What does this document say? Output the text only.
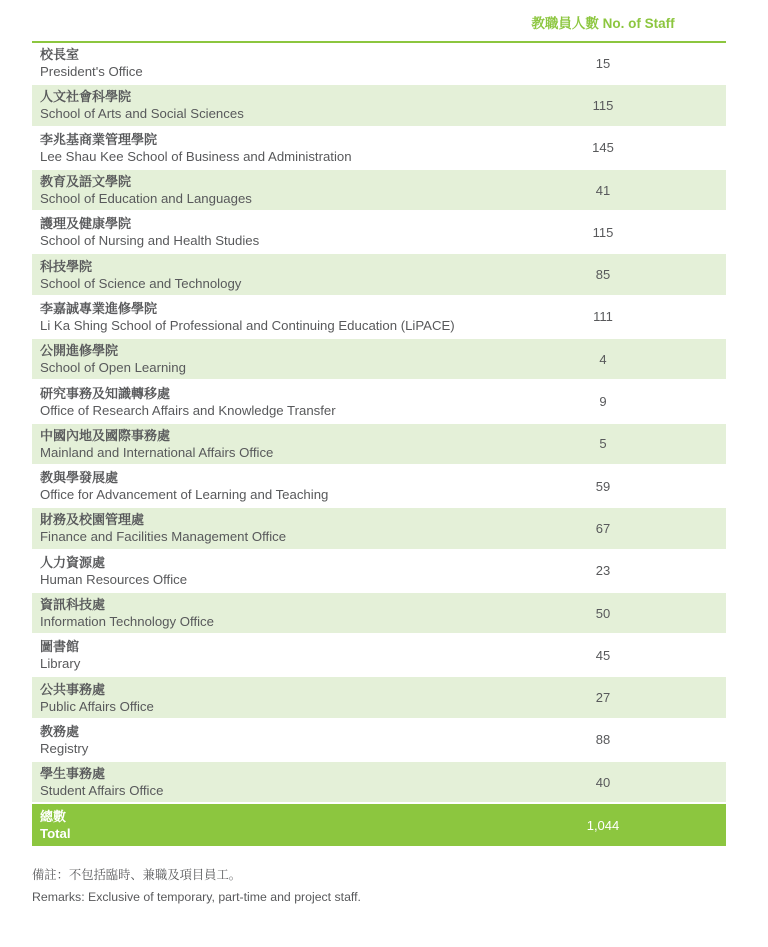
教職員人數 No. of Staff
校長室
President's Office
15
人文社會科學院
School of Arts and Social Sciences
115
李兆基商業管理學院
Lee Shau Kee School of Business and Administration
145
教育及語文學院
School of Education and Languages
41
護理及健康學院
School of Nursing and Health Studies
115
科技學院
School of Science and Technology
85
李嘉誠專業進修學院
Li Ka Shing School of Professional and Continuing Education (LiPACE)
111
公開進修學院
School of Open Learning
4
研究事務及知識轉移處
Office of Research Affairs and Knowledge Transfer
9
中國內地及國際事務處
Mainland and International Affairs Office
5
教與學發展處
Office for Advancement of Learning and Teaching
59
財務及校園管理處
Finance and Facilities Management Office
67
人力資源處
Human Resources Office
23
資訊科技處
Information Technology Office
50
圖書館
Library
45
公共事務處
Public Affairs Office
27
教務處
Registry
88
學生事務處
Student Affairs Office
40
總數
Total
1,044
備註：不包括臨時、兼職及項目員工。
Remarks: Exclusive of temporary, part-time and project staff.
